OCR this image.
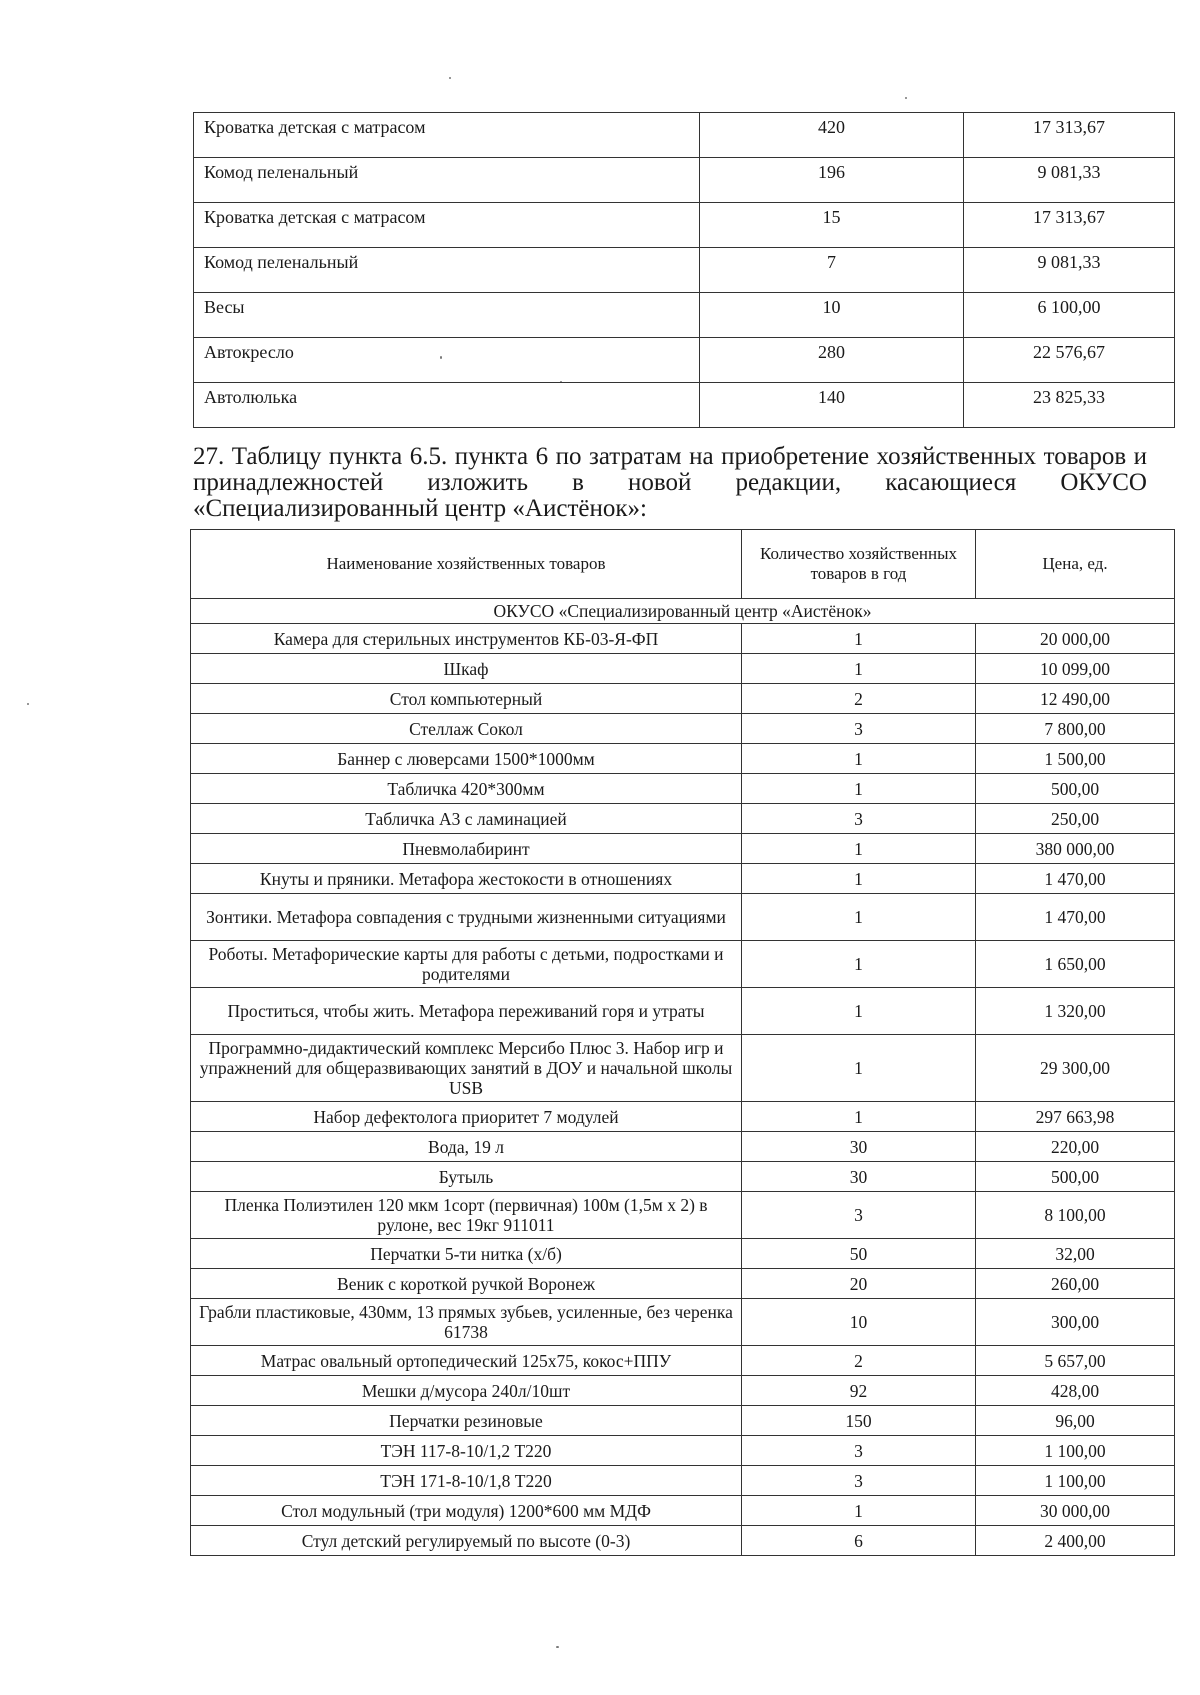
Кроватка детская с матрасом	420	17 313,67
Комод пеленальный	196	9 081,33
Кроватка детская с матрасом	15	17 313,67
Комод пеленальный	7	9 081,33
Весы	10	6 100,00
Автокресло	280	22 576,67
Автолюлька	140	23 825,33
27. Таблицу пункта 6.5. пункта 6 по затратам на приобретение хозяйственных товаров и принадлежностей изложить в новой редакции, касающиеся ОКУСО «Специализированный центр «Аистёнок»:
Наименование хозяйственных товаров	Количество хозяйственных товаров в год	Цена, ед.
ОКУСО «Специализированный центр «Аистёнок»		
Камера для стерильных инструментов КБ-03-Я-ФП	1	20 000,00
Шкаф	1	10 099,00
Стол компьютерный	2	12 490,00
Стеллаж Сокол	3	7 800,00
Баннер с люверсами 1500*1000мм	1	1 500,00
Табличка 420*300мм	1	500,00
Табличка А3 с ламинацией	3	250,00
Пневмолабиринт	1	380 000,00
Кнуты и пряники. Метафора жестокости в отношениях	1	1 470,00
Зонтики. Метафора совпадения с трудными жизненными ситуациями	1	1 470,00
Роботы. Метафорические карты для работы с детьми, подростками и родителями	1	1 650,00
Проститься, чтобы жить. Метафора переживаний горя и утраты	1	1 320,00
Программно-дидактический комплекс Мерсибо Плюс 3. Набор игр и упражнений для общеразвивающих занятий в ДОУ и начальной школы USB	1	29 300,00
Набор дефектолога приоритет 7 модулей	1	297 663,98
Вода, 19 л	30	220,00
Бутыль	30	500,00
Пленка Полиэтилен 120 мкм 1сорт (первичная) 100м (1,5м х 2) в рулоне, вес 19кг 911011	3	8 100,00
Перчатки 5-ти нитка (х/б)	50	32,00
Веник с короткой ручкой Воронеж	20	260,00
Грабли пластиковые, 430мм, 13 прямых зубьев, усиленные, без черенка 61738	10	300,00
Матрас овальный ортопедический 125х75, кокос+ППУ	2	5 657,00
Мешки д/мусора 240л/10шт	92	428,00
Перчатки резиновые	150	96,00
ТЭН 117-8-10/1,2 Т220	3	1 100,00
ТЭН 171-8-10/1,8 Т220	3	1 100,00
Стол модульный (три модуля) 1200*600 мм МДФ	1	30 000,00
Стул детский регулируемый по высоте (0-3)	6	2 400,00
